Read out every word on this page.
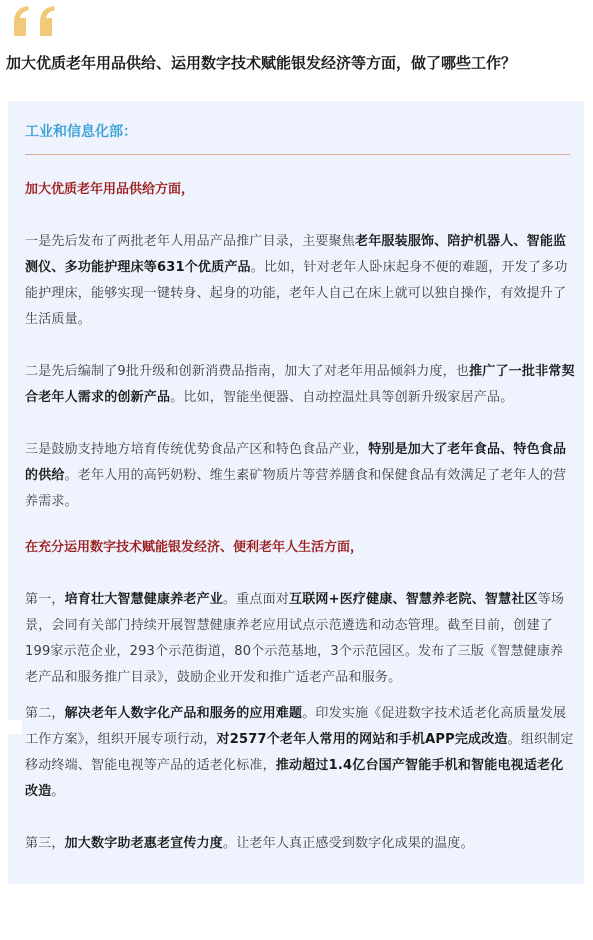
加大优质老年用品供给、运用数字技术赋能银发经济等方面，做了哪些工作？
工业和信息化部：
加大优质老年用品供给方面，

一是先后发布了两批老年人用品产品推广目录，主要聚焦老年服装服饰、陪护机器人、智能监测仪、多功能护理床等631个优质产品。比如，针对老年人卧床起身不便的难题，开发了多功能护理床，能够实现一键转身、起身的功能，老年人自己在床上就可以独自操作，有效提升了生活质量。

二是先后编制了9批升级和创新消费品指南，加大了对老年用品倾斜力度，也推广了一批非常契合老年人需求的创新产品。比如，智能坐便器、自动控温灶具等创新升级家居产品。

三是鼓励支持地方培育传统优势食品产区和特色食品产业，特别是加大了老年食品、特色食品的供给。老年人用的高钙奶粉、维生素矿物质片等营养膳食和保健食品有效满足了老年人的营养需求。

在充分运用数字技术赋能银发经济、便利老年人生活方面，

第一，培育壮大智慧健康养老产业。重点面对互联网+医疗健康、智慧养老院、智慧社区等场景，会同有关部门持续开展智慧健康养老应用试点示范遴选和动态管理。截至目前，创建了199家示范企业，293个示范街道，80个示范基地，3个示范园区。发布了三版《智慧健康养老产品和服务推广目录》，鼓励企业开发和推广适老产品和服务。

第二，解决老年人数字化产品和服务的应用难题。印发实施《促进数字技术适老化高质量发展工作方案》，组织开展专项行动，对2577个老年人常用的网站和手机APP完成改造。组织制定移动终端、智能电视等产品的适老化标准，推动超过1.4亿台国产智能手机和智能电视适老化改造。

第三，加大数字助老惠老宣传力度。让老年人真正感受到数字化成果的温度。
